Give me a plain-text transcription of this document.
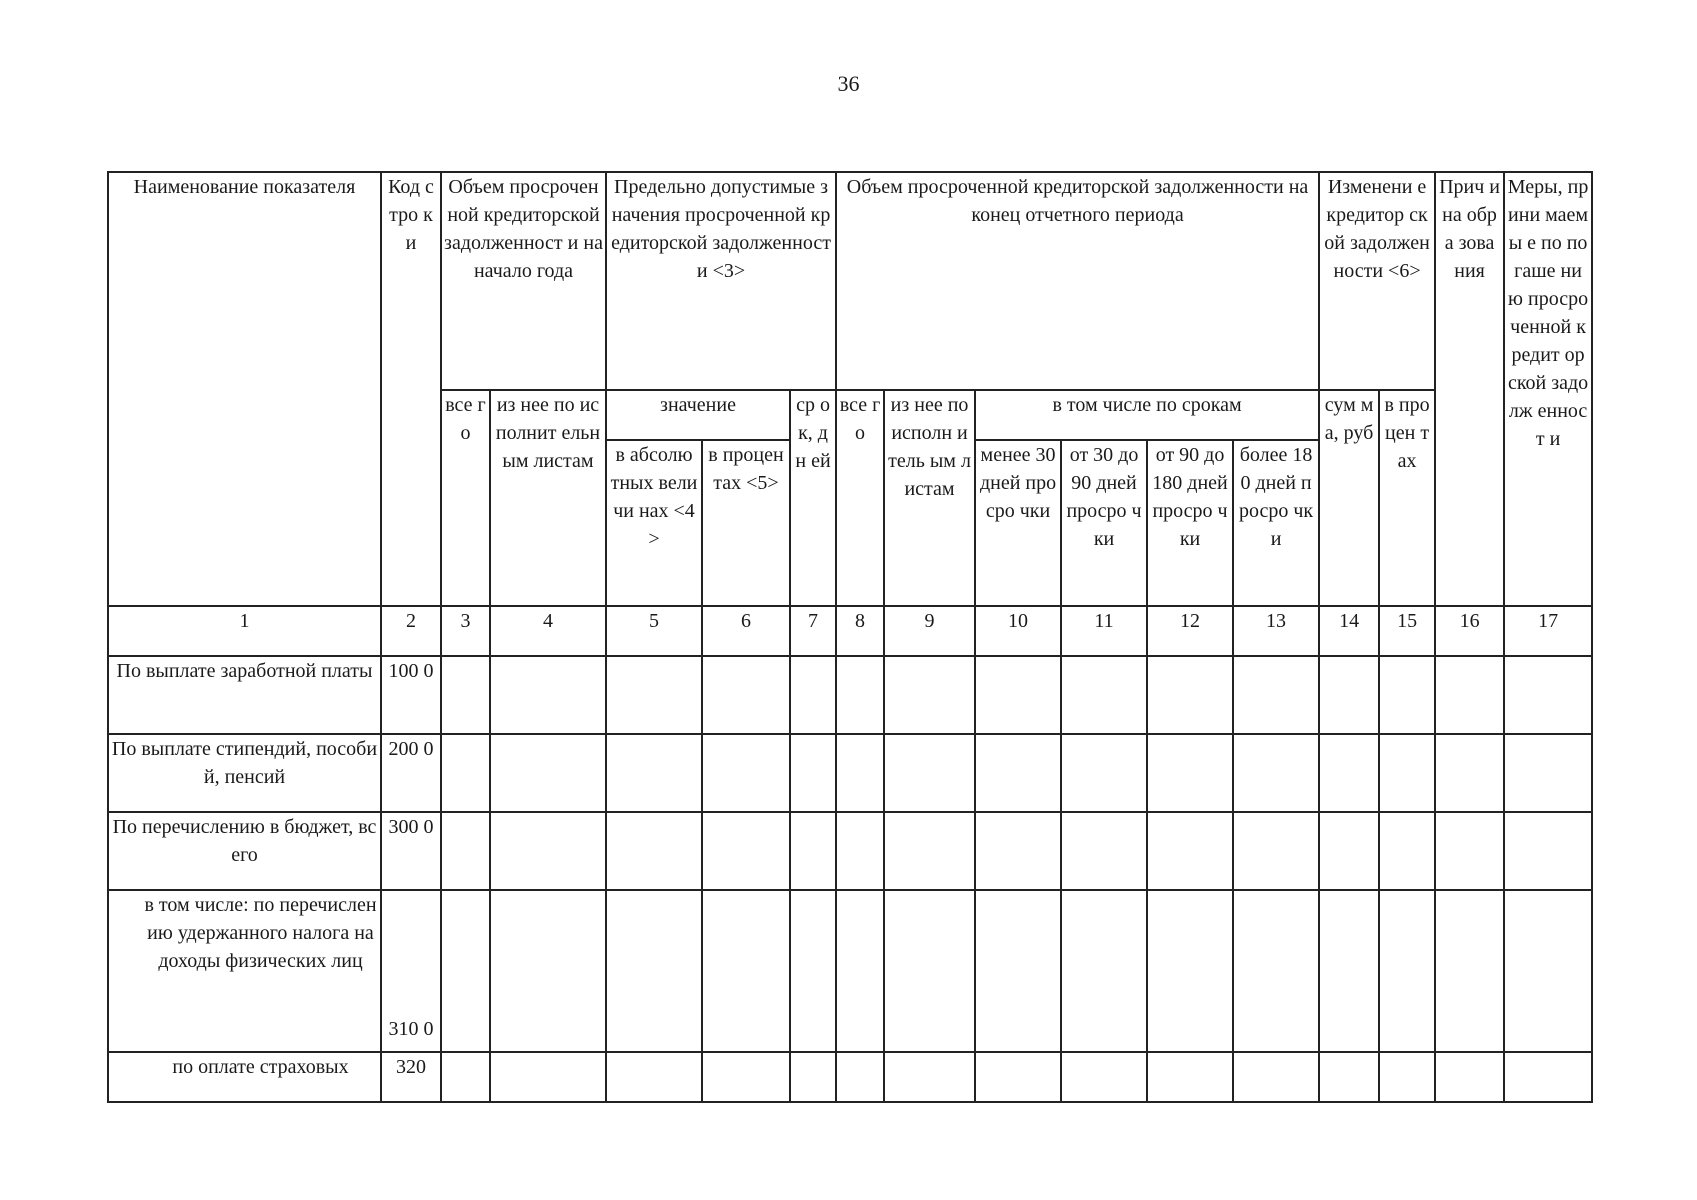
36
Наименование показателя	Код стро ки	Объем просроченной кредиторской задолженност и на начало года		Предельно допустимые значения просроченной кредиторской задолженности <3>			Объем просроченной кредиторской задолженности на конец отчетного периода						Изменени е кредитор ской задолжен ности <6>		Прич ина обра зова ния	Меры, прини маемы е по погаше нию просро ченной кредит орской задолж енност и
		все го	из нее по исполнит ельным листам	значение		ср ок, дн ей	все го	из нее по исполн итель ым листам	в том числе по срокам				сум ма, руб	в про цен тах		
				в абсолю тных величи нах <4>	в процен тах <5>				менее 30 дней просро чки	от 30 до 90 дней просро чки	от 90 до 180 дней просро чки	более 180 дней просро чки				
1	2	3	4	5	6	7	8	9	10	11	12	13	14	15	16	17
По выплате заработной платы	100 0															
По выплате стипендий, пособий, пенсий	200 0															
По перечислению в бюджет, всего	300 0															
в том числе: по перечислению удержанного налога на доходы физических лиц	310 0															
по оплате страховых	320															
